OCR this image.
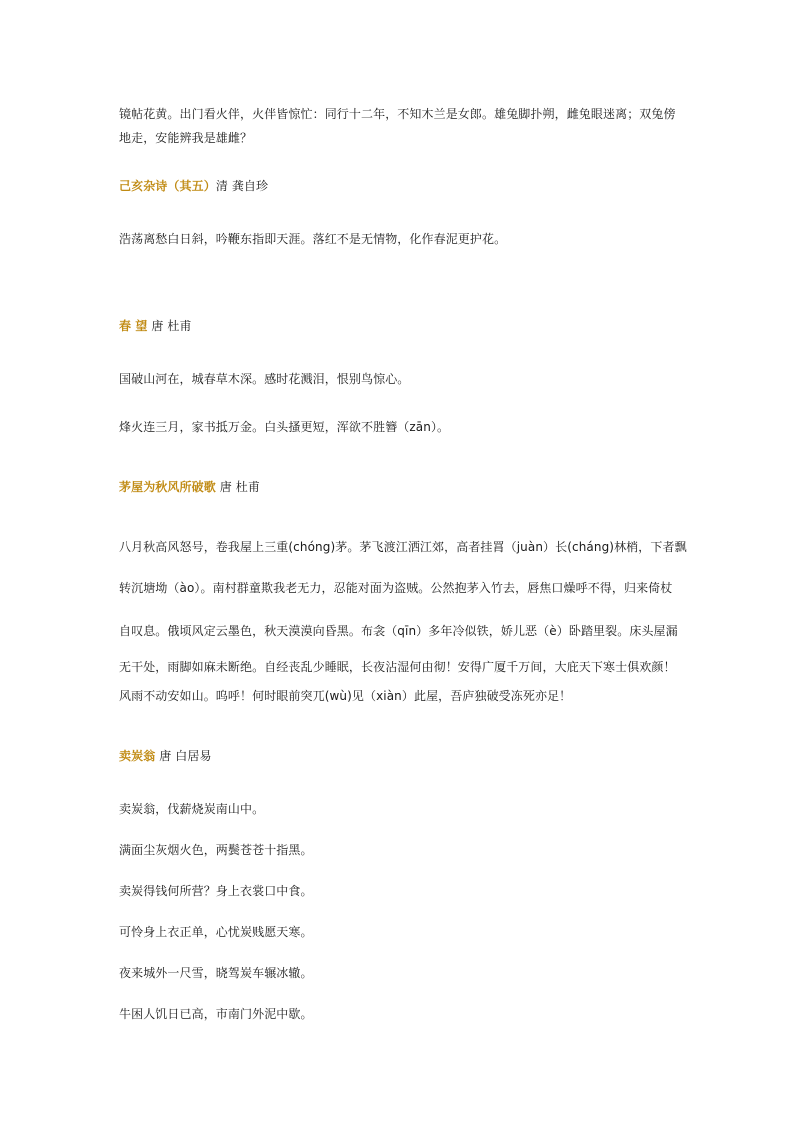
镜帖花黄。出门看火伴，火伴皆惊忙：同行十二年，不知木兰是女郎。雄兔脚扑朔，雌兔眼迷离；双兔傍
地走，安能辨我是雄雌？
己亥杂诗（其五）清 龚自珍
浩荡离愁白日斜，吟鞭东指即天涯。落红不是无情物，化作春泥更护花。
春 望 唐 杜甫
国破山河在，城春草木深。感时花溅泪，恨别鸟惊心。
烽火连三月，家书抵万金。白头搔更短，浑欲不胜簪（zān）。
茅屋为秋风所破歌 唐 杜甫
八月秋高风怒号，卷我屋上三重(chóng)茅。茅飞渡江洒江郊，高者挂罥（juàn）长(cháng)林梢，下者飘
转沉塘坳（ào）。南村群童欺我老无力，忍能对面为盗贼。公然抱茅入竹去，唇焦口燥呼不得，归来倚杖
自叹息。俄顷风定云墨色，秋天漠漠向昏黑。布衾（qīn）多年冷似铁，娇儿恶（è）卧踏里裂。床头屋漏
无干处，雨脚如麻未断绝。自经丧乱少睡眠，长夜沾湿何由彻！安得广厦千万间，大庇天下寒士俱欢颜！
风雨不动安如山。呜呼！何时眼前突兀(wù)见（xiàn）此屋，吾庐独破受冻死亦足！
卖炭翁 唐 白居易
卖炭翁，伐薪烧炭南山中。
满面尘灰烟火色，两鬓苍苍十指黑。
卖炭得钱何所营？身上衣裳口中食。
可怜身上衣正单，心忧炭贱愿天寒。
夜来城外一尺雪，晓驾炭车辗冰辙。
牛困人饥日已高，市南门外泥中歇。
